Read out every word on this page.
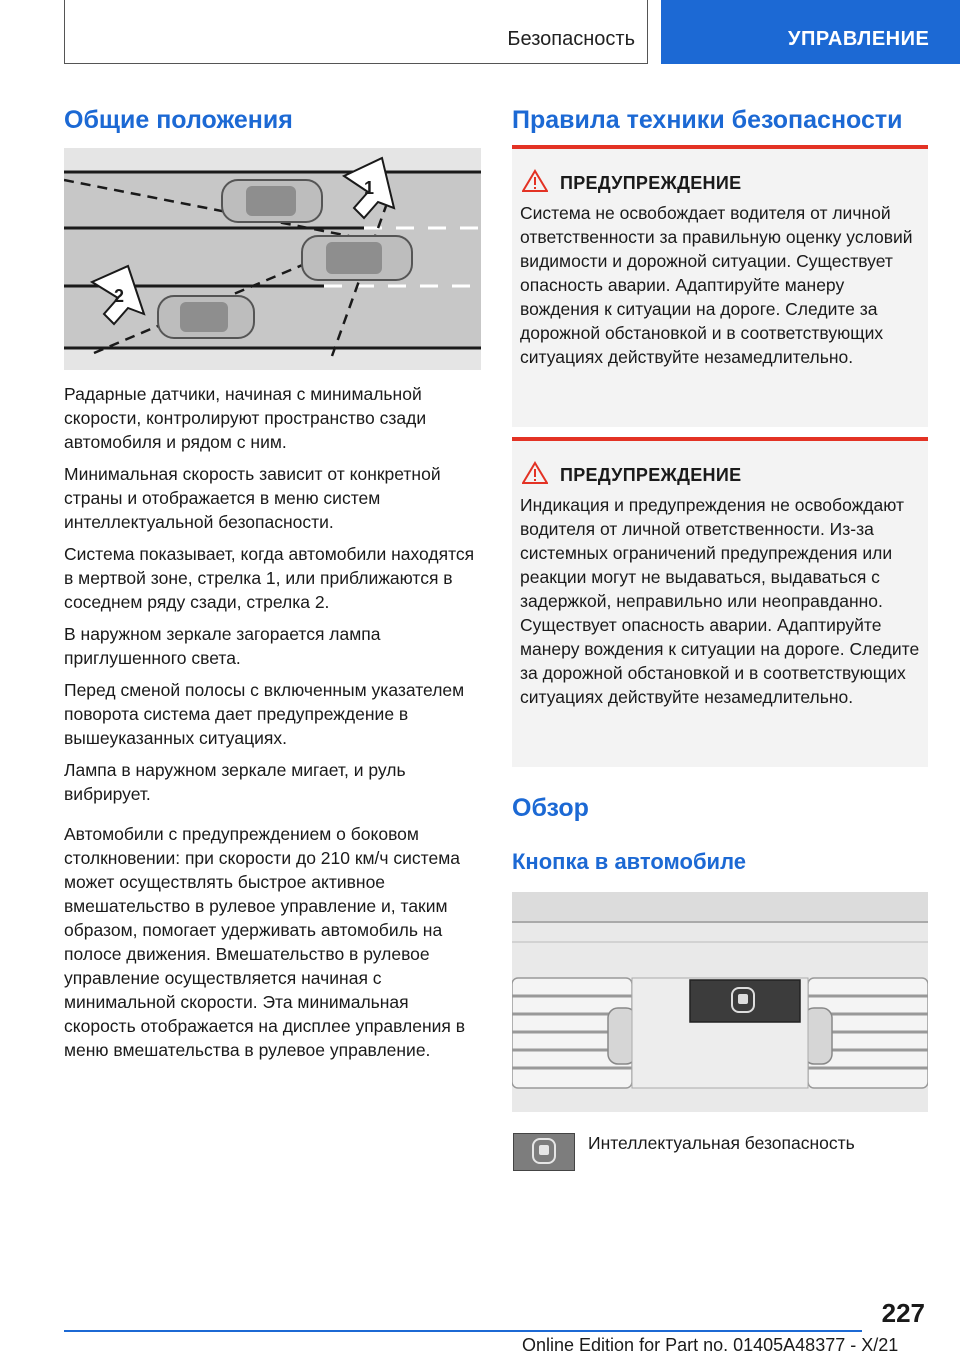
Безопасность	УПРАВЛЕНИЕ
Общие положения
1
2

Радарные датчики, начиная с минимальной скорости, контролируют пространство сзади автомобиля и рядом с ним.

Минимальная скорость зависит от конкретной страны и отображается в меню систем интеллектуальной безопасности.

Система показывает, когда автомобили находятся в мертвой зоне, стрелка 1, или приближаются в соседнем ряду сзади, стрелка 2.

В наружном зеркале загорается лампа приглушенного света.

Перед сменой полосы с включенным указателем поворота система дает предупреждение в вышеуказанных ситуациях.

Лампа в наружном зеркале мигает, и руль вибрирует.

Автомобили с предупреждением о боковом столкновении: при скорости до 210 км/ч система может осуществлять быстрое активное вмешательство в рулевое управление и, таким образом, помогает удерживать автомобиль на полосе движения. Вмешательство в рулевое управление осуществляется начиная с минимальной скорости. Эта минимальная скорость отображается на дисплее управления в меню вмешательства в рулевое управление.

Правила техники безопасности
ПРЕДУПРЕЖДЕНИЕ
Система не освобождает водителя от личной ответственности за правильную оценку условий видимости и дорожной ситуации. Существует опасность аварии. Адаптируйте манеру вождения к ситуации на дороге. Следите за дорожной обстановкой и в соответствующих ситуациях действуйте незамедлительно.
ПРЕДУПРЕЖДЕНИЕ
Индикация и предупреждения не освобождают водителя от личной ответственности. Из-за системных ограничений предупреждения или реакции могут не выдаваться, выдаваться с задержкой, неправильно или неоправданно. Существует опасность аварии. Адаптируйте манеру вождения к ситуации на дороге. Следите за дорожной обстановкой и в соответствующих ситуациях действуйте незамедлительно.
Обзор
Кнопка в автомобиле

Интеллектуальная безопасность

227
Online Edition for Part no. 01405A48377 - X/21
